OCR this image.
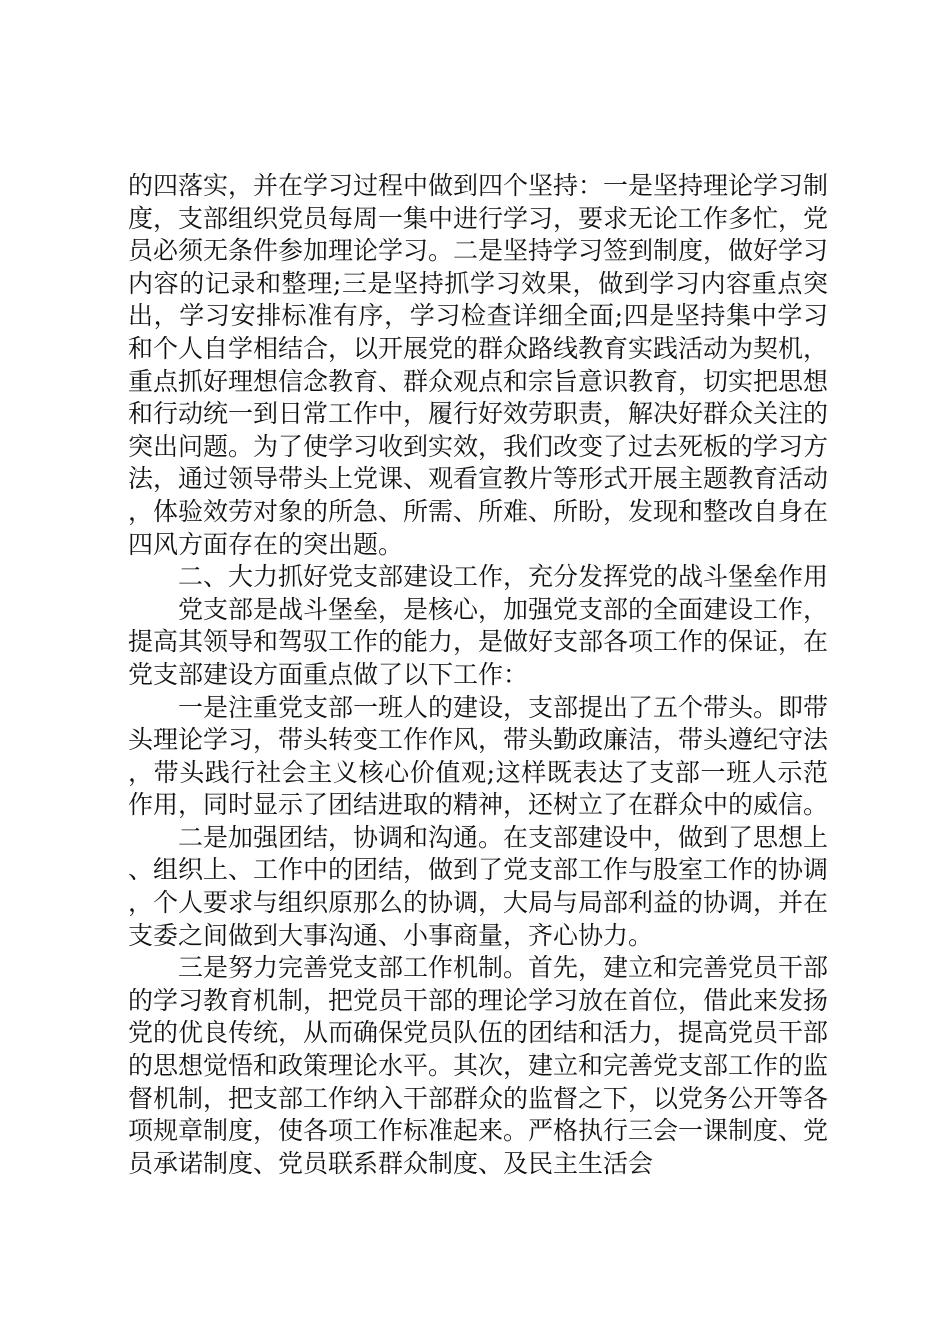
的四落实，并在学习过程中做到四个坚持：一是坚持理论学习制度，支部组织党员每周一集中进行学习，要求无论工作多忙，党员必须无条件参加理论学习。二是坚持学习签到制度，做好学习内容的记录和整理;三是坚持抓学习效果，做到学习内容重点突出，学习安排标准有序，学习检查详细全面;四是坚持集中学习和个人自学相结合，以开展党的群众路线教育实践活动为契机，重点抓好理想信念教育、群众观点和宗旨意识教育，切实把思想和行动统一到日常工作中，履行好效劳职责，解决好群众关注的突出问题。为了使学习收到实效，我们改变了过去死板的学习方法，通过领导带头上党课、观看宣教片等形式开展主题教育活动，体验效劳对象的所急、所需、所难、所盼，发现和整改自身在四风方面存在的突出题。

二、大力抓好党支部建设工作，充分发挥党的战斗堡垒作用

党支部是战斗堡垒，是核心，加强党支部的全面建设工作，提高其领导和驾驭工作的能力，是做好支部各项工作的保证，在党支部建设方面重点做了以下工作：

一是注重党支部一班人的建设，支部提出了五个带头。即带头理论学习，带头转变工作作风，带头勤政廉洁，带头遵纪守法，带头践行社会主义核心价值观;这样既表达了支部一班人示范作用，同时显示了团结进取的精神，还树立了在群众中的威信。

二是加强团结，协调和沟通。在支部建设中，做到了思想上、组织上、工作中的团结，做到了党支部工作与股室工作的协调，个人要求与组织原那么的协调，大局与局部利益的协调，并在支委之间做到大事沟通、小事商量，齐心协力。

三是努力完善党支部工作机制。首先，建立和完善党员干部的学习教育机制，把党员干部的理论学习放在首位，借此来发扬党的优良传统，从而确保党员队伍的团结和活力，提高党员干部的思想觉悟和政策理论水平。其次，建立和完善党支部工作的监督机制，把支部工作纳入干部群众的监督之下，以党务公开等各项规章制度，使各项工作标准起来。严格执行三会一课制度、党员承诺制度、党员联系群众制度、及民主生活会
